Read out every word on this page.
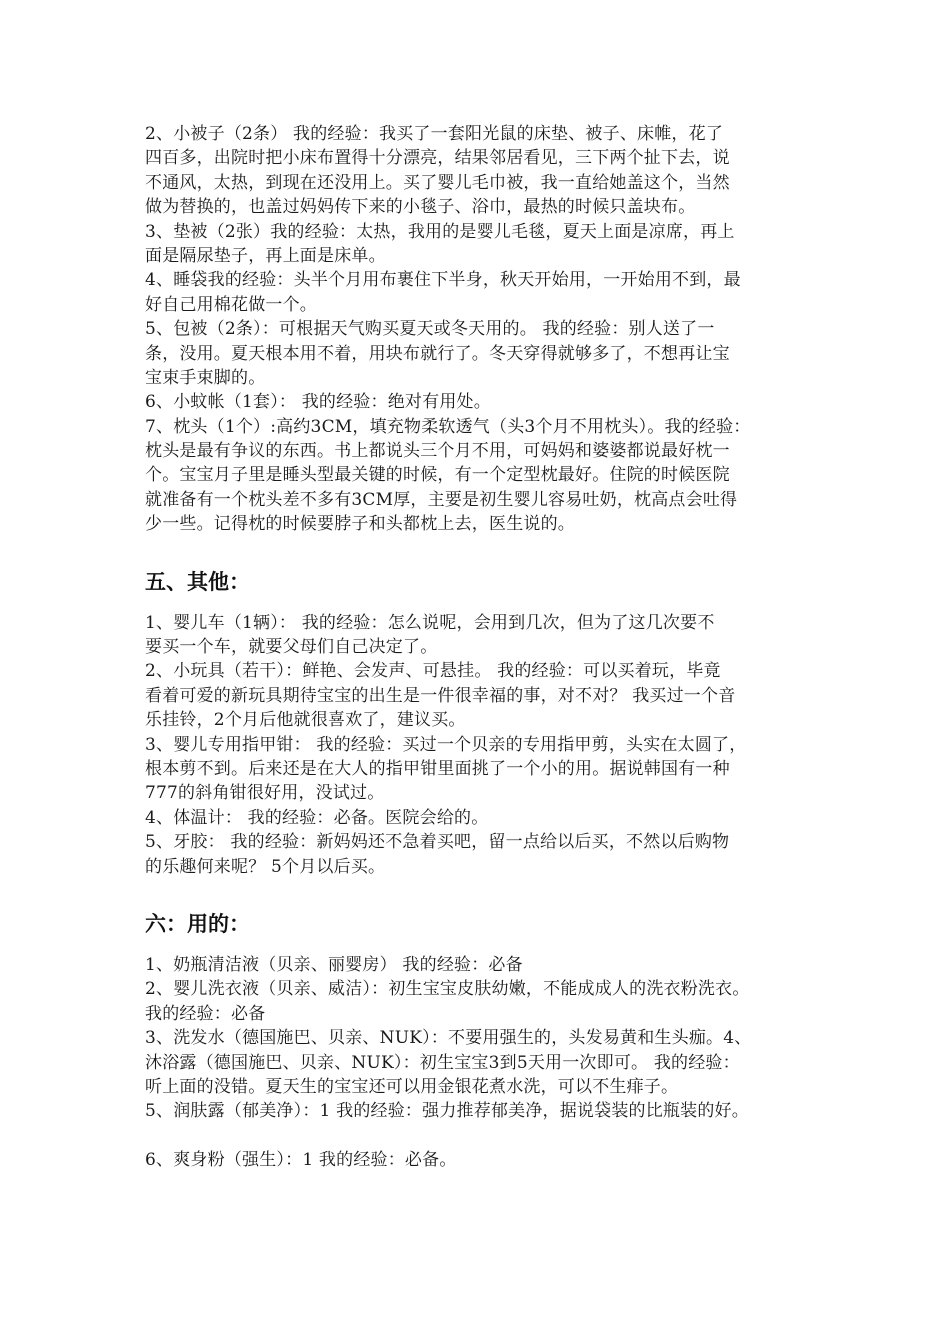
2、小被子（2条） 我的经验：我买了一套阳光鼠的床垫、被子、床帷，花了
四百多，出院时把小床布置得十分漂亮，结果邻居看见，三下两个扯下去，说
不通风，太热，到现在还没用上。买了婴儿毛巾被，我一直给她盖这个，当然
做为替换的，也盖过妈妈传下来的小毯子、浴巾，最热的时候只盖块布。
3、垫被（2张）我的经验：太热，我用的是婴儿毛毯，夏天上面是凉席，再上
面是隔尿垫子，再上面是床单。
4、睡袋我的经验：头半个月用布裹住下半身，秋天开始用，一开始用不到，最
好自己用棉花做一个。
5、包被（2条）：可根据天气购买夏天或冬天用的。 我的经验：别人送了一
条，没用。夏天根本用不着，用块布就行了。冬天穿得就够多了，不想再让宝
宝束手束脚的。
6、小蚊帐（1套）： 我的经验：绝对有用处。
7、枕头（1个）:高约3CM，填充物柔软透气（头3个月不用枕头）。我的经验：
枕头是最有争议的东西。书上都说头三个月不用，可妈妈和婆婆都说最好枕一
个。宝宝月子里是睡头型最关键的时候，有一个定型枕最好。住院的时候医院
就准备有一个枕头差不多有3CM厚，主要是初生婴儿容易吐奶，枕高点会吐得
少一些。记得枕的时候要脖子和头都枕上去，医生说的。
五、其他：
1、婴儿车（1辆）： 我的经验：怎么说呢，会用到几次，但为了这几次要不
要买一个车，就要父母们自己决定了。
2、小玩具（若干）：鲜艳、会发声、可悬挂。 我的经验：可以买着玩，毕竟
看着可爱的新玩具期待宝宝的出生是一件很幸福的事，对不对？ 我买过一个音
乐挂铃，2个月后他就很喜欢了，建议买。
3、婴儿专用指甲钳： 我的经验：买过一个贝亲的专用指甲剪，头实在太圆了，
根本剪不到。后来还是在大人的指甲钳里面挑了一个小的用。据说韩国有一种
777的斜角钳很好用，没试过。
4、体温计： 我的经验：必备。医院会给的。
5、牙胶： 我的经验：新妈妈还不急着买吧，留一点给以后买，不然以后购物
的乐趣何来呢？ 5个月以后买。
六：用的：
1、奶瓶清洁液（贝亲、丽婴房） 我的经验：必备
2、婴儿洗衣液（贝亲、威洁）：初生宝宝皮肤幼嫩，不能成成人的洗衣粉洗衣。
我的经验：必备
3、洗发水（德国施巴、贝亲、NUK）：不要用强生的，头发易黄和生头痂。4、
沐浴露（德国施巴、贝亲、NUK）：初生宝宝3到5天用一次即可。 我的经验：
听上面的没错。夏天生的宝宝还可以用金银花煮水洗，可以不生痱子。
5、润肤露（郁美净）：1 我的经验：强力推荐郁美净，据说袋装的比瓶装的好。
6、爽身粉（强生）：1 我的经验：必备。
